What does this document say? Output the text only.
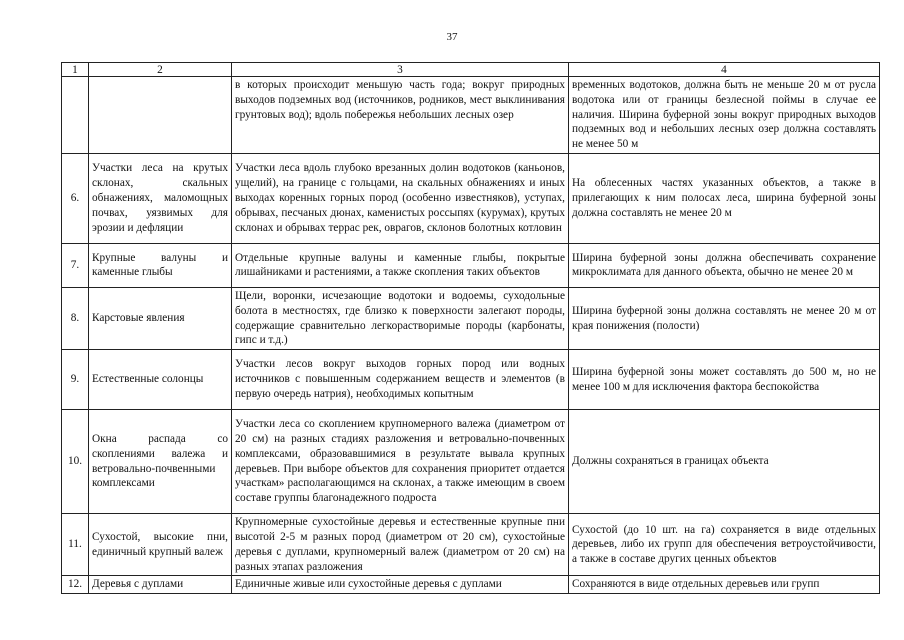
37
1	2	3	4
		в которых происходит меньшую часть года; вокруг природных выходов подземных вод (источников, родников, мест выклинивания грунтовых вод); вдоль побережья небольших лесных озер	временных водотоков, должна быть не меньше 20 м от русла водотока или от границы безлесной поймы в случае ее наличия. Ширина буферной зоны вокруг природных выходов подземных вод и небольших лесных озер должна составлять не менее 50 м
6.	Участки леса на крутых склонах, скальных обнажениях, маломощных почвах, уязвимых для эрозии и дефляции	Участки леса вдоль глубоко врезанных долин водотоков (каньонов, ущелий), на границе с гольцами, на скальных обнажениях и иных выходах коренных горных пород (особенно известняков), уступах, обрывах, песчаных дюнах, каменистых россыпях (курумах), крутых склонах и обрывах террас рек, оврагов, склонов болотных котловин	На облесенных частях указанных объектов, а также в прилегающих к ним полосах леса, ширина буферной зоны должна составлять не менее 20 м
7.	Крупные валуны и каменные глыбы	Отдельные крупные валуны и каменные глыбы, покрытые лишайниками и растениями, а также скопления таких объектов	Ширина буферной зоны должна обеспечивать сохранение микроклимата для данного объекта, обычно не менее 20 м
8.	Карстовые явления	Щели, воронки, исчезающие водотоки и водоемы, суходольные болота в местностях, где близко к поверхности залегают породы, содержащие сравнительно легкорастворимые породы (карбонаты, гипс и т.д.)	Ширина буферной зоны должна составлять не менее 20 м от края понижения (полости)
9.	Естественные солонцы	Участки лесов вокруг выходов горных пород или водных источников с повышенным содержанием веществ и элементов (в первую очередь натрия), необходимых копытным	Ширина буферной зоны может составлять до 500 м, но не менее 100 м для исключения фактора беспокойства
10.	Окна распада со скоплениями валежа и ветровально-почвенными комплексами	Участки леса со скоплением крупномерного валежа (диаметром от 20 см) на разных стадиях разложения и ветровально-почвенных комплексами, образовавшимися в результате вывала крупных деревьев. При выборе объектов для сохранения приоритет отдается участкам» располагающимся на склонах, а также имеющим в своем составе группы благонадежного подроста	Должны сохраняться в границах объекта
11.	Сухостой, высокие пни, единичный крупный валеж	Крупномерные сухостойные деревья и естественные крупные пни высотой 2-5 м разных пород (диаметром от 20 см), сухостойные деревья с дуплами, крупномерный валеж (диаметром от 20 см) на разных этапах разложения	Сухостой (до 10 шт. на га) сохраняется в виде отдельных деревьев, либо их групп для обеспечения ветроустойчивости, а также в составе других ценных объектов
12.	Деревья с дуплами	Единичные живые или сухостойные деревья с дуплами	Сохраняются в виде отдельных деревьев или групп
